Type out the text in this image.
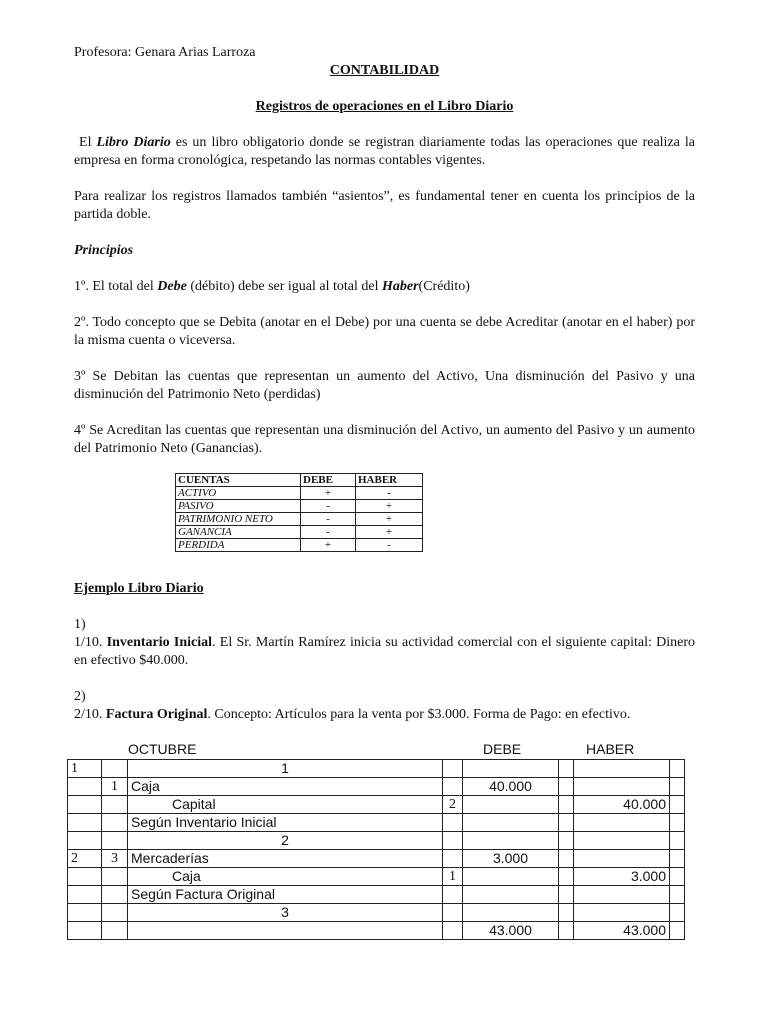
Profesora: Genara Arias Larroza

CONTABILIDAD

Registros de operaciones en el Libro Diario

El Libro Diario es un libro obligatorio donde se registran diariamente todas las operaciones que realiza la empresa en forma cronológica, respetando las normas contables vigentes.

Para realizar los registros llamados también “asientos”, es fundamental tener en cuenta los principios de la partida doble.

Principios

1º. El total del Debe (débito) debe ser igual al total del Haber(Crédito)

2º. Todo concepto que se Debita (anotar en el Debe) por una cuenta se debe Acreditar (anotar en el haber) por la misma cuenta o viceversa.

3º Se Debitan las cuentas que representan un aumento del Activo, Una disminución del Pasivo y una disminución del Patrimonio Neto (perdidas)

4º Se Acreditan las cuentas que representan una disminución del Activo, un aumento del Pasivo y un aumento del Patrimonio Neto (Ganancias).

CUENTAS	DEBE	HABER
ACTIVO	+	-
PASIVO	-	+
PATRIMONIO NETO	-	+
GANANCIA	-	+
PERDIDA	+	-

Ejemplo Libro Diario

1)

1/10. Inventario Inicial. El Sr. Martín Ramírez inicia su actividad comercial con el siguiente capital: Dinero en efectivo $40.000.

2)

2/10. Factura Original. Concepto: Artículos para la venta por $3.000. Forma de Pago: en efectivo.

OCTUBRE	DEBE	HABER
1		1					
	1	Caja		40.000			
		Capital	2			40.000	
		Según Inventario Inicial					
		2					
2	3	Mercaderías		3.000			
		Caja	1			3.000	
		Según Factura Original					
		3					
				43.000		43.000	
